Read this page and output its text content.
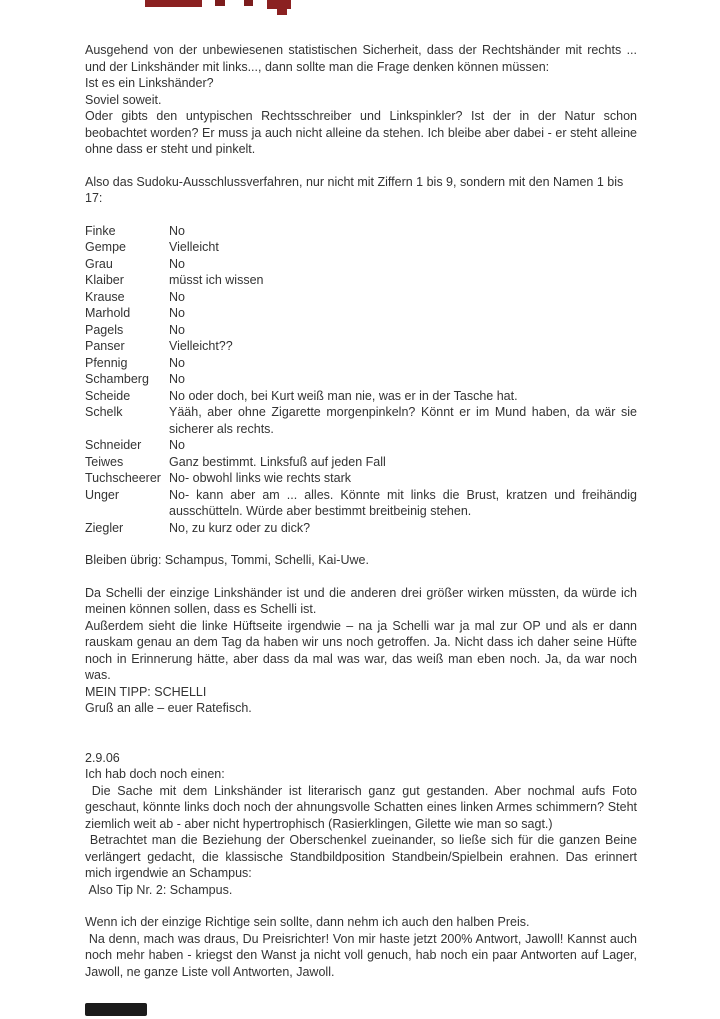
Ausgehend von der unbewiesenen statistischen Sicherheit, dass der Rechtshänder mit rechts ... und der Linkshänder mit links..., dann sollte man die Frage denken können müssen:

Ist es ein Linkshänder?

Soviel soweit.

Oder gibts den untypischen Rechtsschreiber und Linkspinkler? Ist der in der Natur schon beobachtet worden? Er muss ja auch nicht alleine da stehen. Ich bleibe aber dabei - er steht alleine ohne dass er steht und pinkelt.

Also das Sudoku-Ausschlussverfahren, nur nicht mit Ziffern 1 bis 9, sondern mit den Namen 1 bis 17:

Finke	No
Gempe	Vielleicht
Grau	No
Klaiber	müsst ich wissen
Krause	No
Marhold	No
Pagels	No
Panser	Vielleicht??
Pfennig	No
Schamberg	No
Scheide	No oder doch, bei Kurt weiß man nie, was er in der Tasche hat.
Schelk	Yääh, aber ohne Zigarette morgenpinkeln? Könnt er im Mund haben, da wär sie sicherer als rechts.
Schneider	No
Teiwes	Ganz bestimmt. Linksfuß auf jeden Fall
Tuchscheerer No- obwohl links wie rechts stark
Unger	No- kann aber am ... alles. Könnte mit links die Brust, kratzen und freihändig ausschütteln. Würde aber bestimmt breitbeinig stehen.
Ziegler	No, zu kurz oder zu dick?

Bleiben übrig: Schampus, Tommi, Schelli, Kai-Uwe.

Da Schelli der einzige Linkshänder ist und die anderen drei größer wirken müssten, da würde ich meinen können sollen, dass es Schelli ist.

Außerdem sieht die linke Hüftseite irgendwie – na ja Schelli war ja mal zur OP und als er dann rauskam genau an dem Tag da haben wir uns noch getroffen. Ja. Nicht dass ich daher seine Hüfte noch in Erinnerung hätte, aber dass da mal was war, das weiß man eben noch. Ja, da war noch was.

MEIN TIPP: SCHELLI

Gruß an alle – euer Ratefisch.

2.9.06

Ich hab doch noch einen:

Die Sache mit dem Linkshänder ist literarisch ganz gut gestanden. Aber nochmal aufs Foto geschaut, könnte links doch noch der ahnungsvolle Schatten eines linken Armes schimmern? Steht ziemlich weit ab - aber nicht hypertrophisch (Rasierklingen, Gilette wie man so sagt.)

Betrachtet man die Beziehung der Oberschenkel zueinander, so ließe sich für die ganzen Beine verlängert gedacht, die klassische Standbildposition Standbein/Spielbein erahnen. Das erinnert mich irgendwie an Schampus:

Also Tip Nr. 2: Schampus.

Wenn ich der einzige Richtige sein sollte, dann nehm ich auch den halben Preis.

Na denn, mach was draus, Du Preisrichter! Von mir haste jetzt 200% Antwort, Jawoll! Kannst auch noch mehr haben - kriegst den Wanst ja nicht voll genuch, hab noch ein paar Antworten auf Lager, Jawoll, ne ganze Liste voll Antworten, Jawoll.
